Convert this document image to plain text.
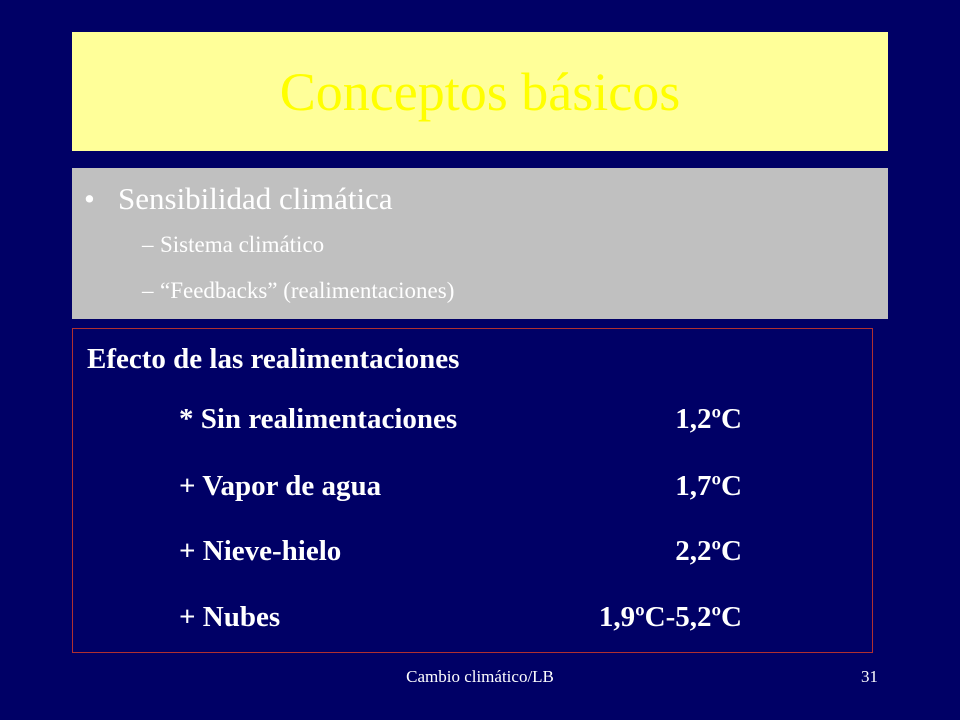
Conceptos básicos
• Sensibilidad climática
– Sistema climático
– “Feedbacks” (realimentaciones)
Efecto de las realimentaciones
* Sin realimentaciones	1,2ºC
+ Vapor de agua	1,7ºC
+ Nieve-hielo	2,2ºC
+ Nubes	1,9ºC-5,2ºC
Cambio climático/LB	31
